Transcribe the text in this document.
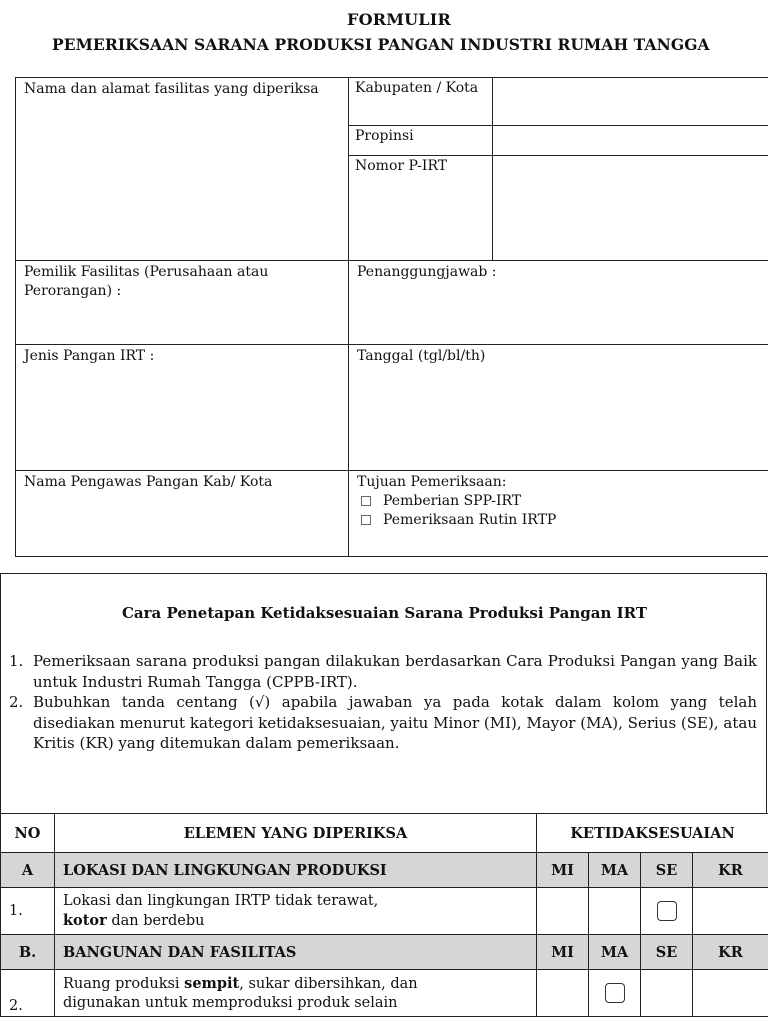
FORMULIR
PEMERIKSAAN SARANA PRODUKSI PANGAN INDUSTRI RUMAH TANGGA
Nama dan alamat fasilitas yang diperiksa	Kabupaten / Kota	
	Propinsi	
	Nomor P-IRT	
Pemilik Fasilitas (Perusahaan atau Perorangan) :	Penanggungjawab :	
Jenis Pangan IRT :	Tanggal (tgl/bl/th)	
Nama Pengawas Pangan Kab/ Kota	Tujuan Pemeriksaan:
Pemberian SPP-IRT
Pemeriksaan Rutin IRTP	
Cara Penetapan Ketidaksesuaian Sarana Produksi Pangan IRT
1. Pemeriksaan sarana produksi pangan dilakukan berdasarkan Cara Produksi Pangan yang Baik untuk Industri Rumah Tangga (CPPB-IRT).
2. Bubuhkan tanda centang (√) apabila jawaban ya pada kotak dalam kolom yang telah disediakan menurut kategori ketidaksesuaian, yaitu Minor (MI), Mayor (MA), Serius (SE), atau Kritis (KR) yang ditemukan dalam pemeriksaan.
NO	ELEMEN YANG DIPERIKSA	KETIDAKSESUAIAN			
A	LOKASI DAN LINGKUNGAN PRODUKSI	MI	MA	SE	KR
1.	Lokasi dan lingkungan IRTP tidak terawat,
kotor dan berdebu				
B.	BANGUNAN DAN FASILITAS	MI	MA	SE	KR
2.	Ruang produksi sempit, sukar dibersihkan, dan
digunakan untuk memproduksi produk selain				
